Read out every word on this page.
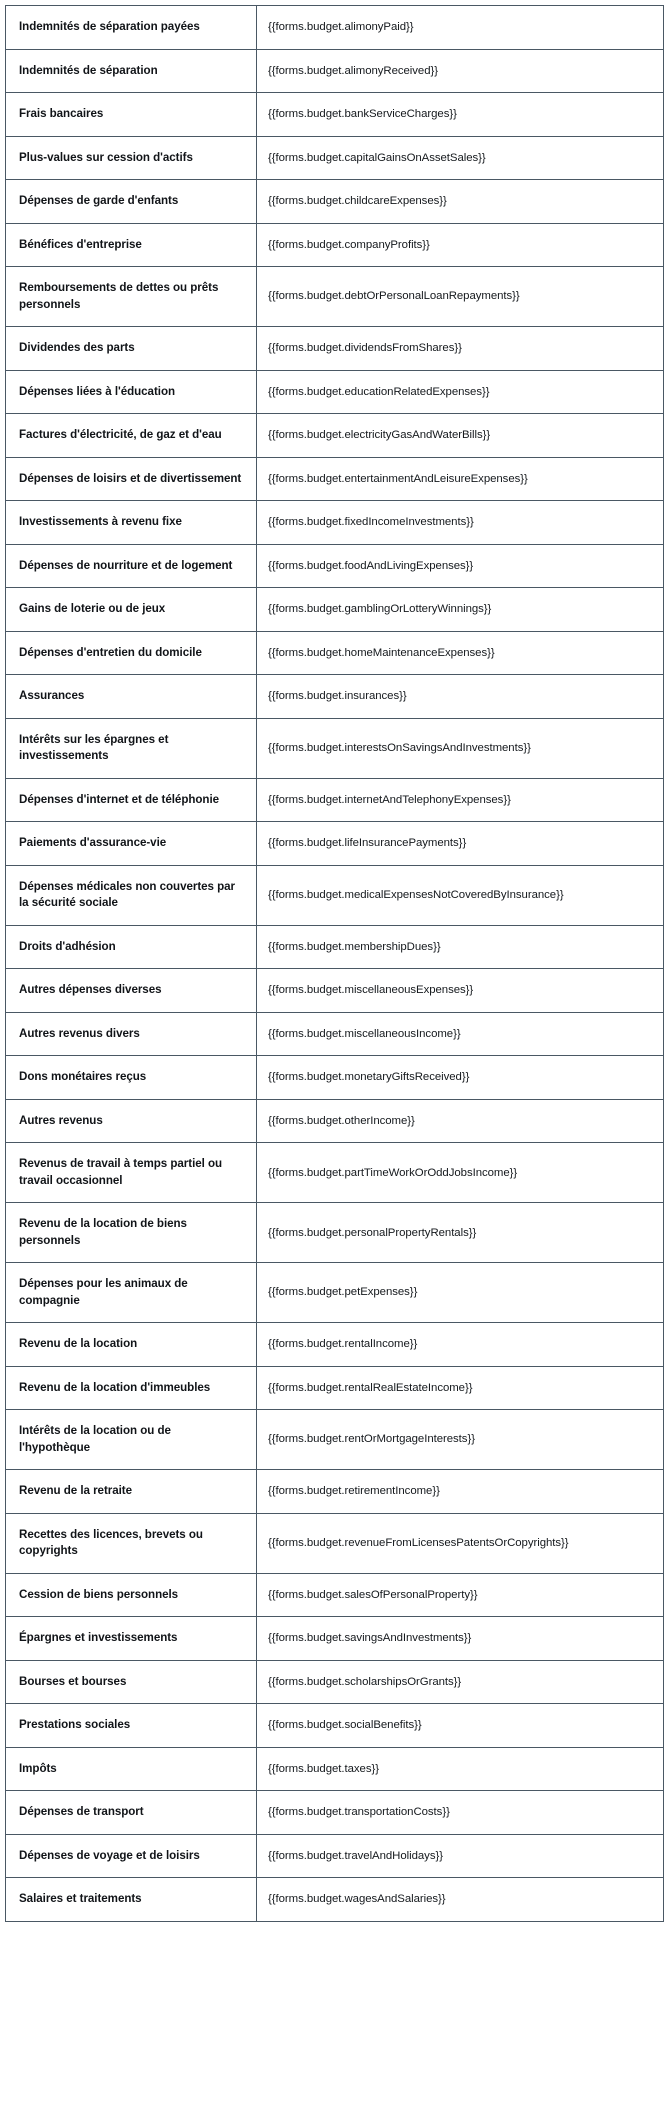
Indemnités de séparation payées	{{forms.budget.alimonyPaid}}
Indemnités de séparation	{{forms.budget.alimonyReceived}}
Frais bancaires	{{forms.budget.bankServiceCharges}}
Plus-values sur cession d'actifs	{{forms.budget.capitalGainsOnAssetSales}}
Dépenses de garde d'enfants	{{forms.budget.childcareExpenses}}
Bénéfices d'entreprise	{{forms.budget.companyProfits}}
Remboursements de dettes ou prêts personnels	{{forms.budget.debtOrPersonalLoanRepayments}}
Dividendes des parts	{{forms.budget.dividendsFromShares}}
Dépenses liées à l'éducation	{{forms.budget.educationRelatedExpenses}}
Factures d'électricité, de gaz et d'eau	{{forms.budget.electricityGasAndWaterBills}}
Dépenses de loisirs et de divertissement	{{forms.budget.entertainmentAndLeisureExpenses}}
Investissements à revenu fixe	{{forms.budget.fixedIncomeInvestments}}
Dépenses de nourriture et de logement	{{forms.budget.foodAndLivingExpenses}}
Gains de loterie ou de jeux	{{forms.budget.gamblingOrLotteryWinnings}}
Dépenses d'entretien du domicile	{{forms.budget.homeMaintenanceExpenses}}
Assurances	{{forms.budget.insurances}}
Intérêts sur les épargnes et investissements	{{forms.budget.interestsOnSavingsAndInvestments}}
Dépenses d'internet et de téléphonie	{{forms.budget.internetAndTelephonyExpenses}}
Paiements d'assurance-vie	{{forms.budget.lifeInsurancePayments}}
Dépenses médicales non couvertes par la sécurité sociale	{{forms.budget.medicalExpensesNotCoveredByInsurance}}
Droits d'adhésion	{{forms.budget.membershipDues}}
Autres dépenses diverses	{{forms.budget.miscellaneousExpenses}}
Autres revenus divers	{{forms.budget.miscellaneousIncome}}
Dons monétaires reçus	{{forms.budget.monetaryGiftsReceived}}
Autres revenus	{{forms.budget.otherIncome}}
Revenus de travail à temps partiel ou travail occasionnel	{{forms.budget.partTimeWorkOrOddJobsIncome}}
Revenu de la location de biens personnels	{{forms.budget.personalPropertyRentals}}
Dépenses pour les animaux de compagnie	{{forms.budget.petExpenses}}
Revenu de la location	{{forms.budget.rentalIncome}}
Revenu de la location d'immeubles	{{forms.budget.rentalRealEstateIncome}}
Intérêts de la location ou de l'hypothèque	{{forms.budget.rentOrMortgageInterests}}
Revenu de la retraite	{{forms.budget.retirementIncome}}
Recettes des licences, brevets ou copyrights	{{forms.budget.revenueFromLicensesPatentsOrCopyrights}}
Cession de biens personnels	{{forms.budget.salesOfPersonalProperty}}
Épargnes et investissements	{{forms.budget.savingsAndInvestments}}
Bourses et bourses	{{forms.budget.scholarshipsOrGrants}}
Prestations sociales	{{forms.budget.socialBenefits}}
Impôts	{{forms.budget.taxes}}
Dépenses de transport	{{forms.budget.transportationCosts}}
Dépenses de voyage et de loisirs	{{forms.budget.travelAndHolidays}}
Salaires et traitements	{{forms.budget.wagesAndSalaries}}
